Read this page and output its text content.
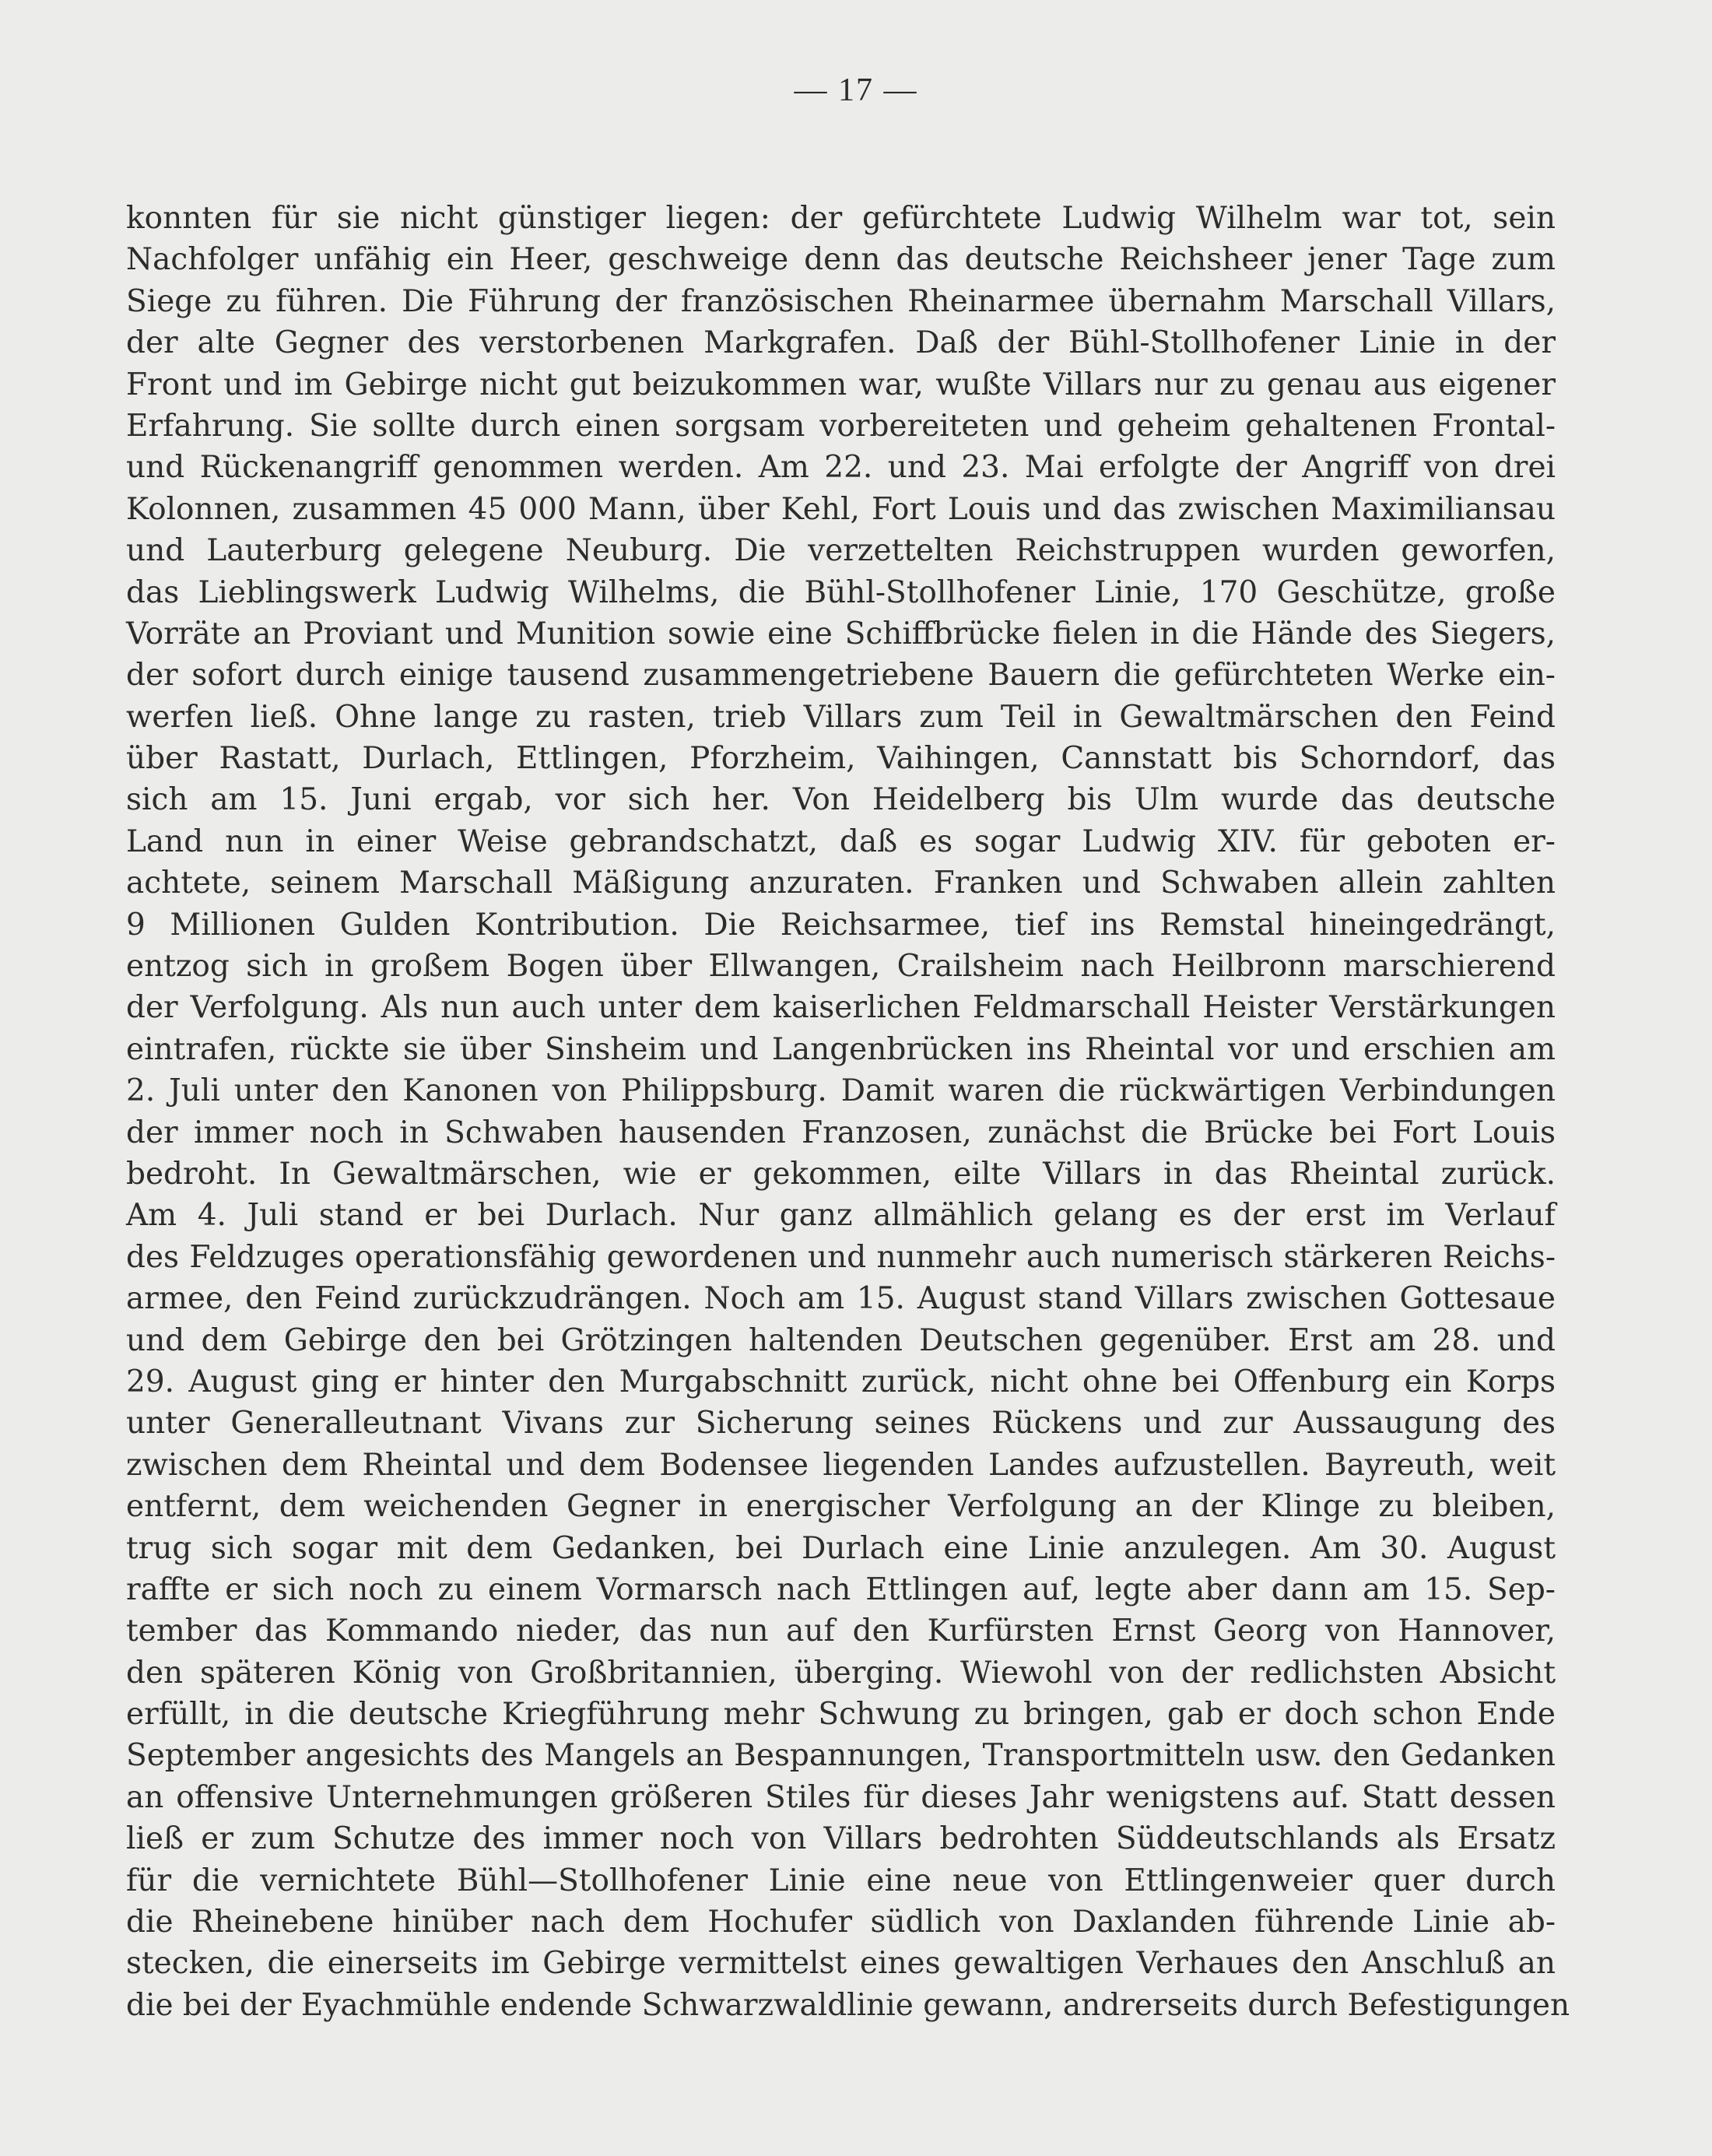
— 17 —
konnten für sie nicht günstiger liegen: der gefürchtete Ludwig Wilhelm war tot, sein
Nachfolger unfähig ein Heer, geschweige denn das deutsche Reichsheer jener Tage zum
Siege zu führen. Die Führung der französischen Rheinarmee übernahm Marschall Villars,
der alte Gegner des verstorbenen Markgrafen. Daß der Bühl-Stollhofener Linie in der
Front und im Gebirge nicht gut beizukommen war, wußte Villars nur zu genau aus eigener
Erfahrung. Sie sollte durch einen sorgsam vorbereiteten und geheim gehaltenen Frontal-
und Rückenangriff genommen werden. Am 22. und 23. Mai erfolgte der Angriff von drei
Kolonnen, zusammen 45 000 Mann, über Kehl, Fort Louis und das zwischen Maximiliansau
und Lauterburg gelegene Neuburg. Die verzettelten Reichstruppen wurden geworfen,
das Lieblingswerk Ludwig Wilhelms, die Bühl-Stollhofener Linie, 170 Geschütze, große
Vorräte an Proviant und Munition sowie eine Schiffbrücke fielen in die Hände des Siegers,
der sofort durch einige tausend zusammengetriebene Bauern die gefürchteten Werke ein-
werfen ließ. Ohne lange zu rasten, trieb Villars zum Teil in Gewaltmärschen den Feind
über Rastatt, Durlach, Ettlingen, Pforzheim, Vaihingen, Cannstatt bis Schorndorf, das
sich am 15. Juni ergab, vor sich her. Von Heidelberg bis Ulm wurde das deutsche
Land nun in einer Weise gebrandschatzt, daß es sogar Ludwig XIV. für geboten er-
achtete, seinem Marschall Mäßigung anzuraten. Franken und Schwaben allein zahlten
9 Millionen Gulden Kontribution. Die Reichsarmee, tief ins Remstal hineingedrängt,
entzog sich in großem Bogen über Ellwangen, Crailsheim nach Heilbronn marschierend
der Verfolgung. Als nun auch unter dem kaiserlichen Feldmarschall Heister Verstärkungen
eintrafen, rückte sie über Sinsheim und Langenbrücken ins Rheintal vor und erschien am
2. Juli unter den Kanonen von Philippsburg. Damit waren die rückwärtigen Verbindungen
der immer noch in Schwaben hausenden Franzosen, zunächst die Brücke bei Fort Louis
bedroht. In Gewaltmärschen, wie er gekommen, eilte Villars in das Rheintal zurück.
Am 4. Juli stand er bei Durlach. Nur ganz allmählich gelang es der erst im Verlauf
des Feldzuges operationsfähig gewordenen und nunmehr auch numerisch stärkeren Reichs-
armee, den Feind zurückzudrängen. Noch am 15. August stand Villars zwischen Gottesaue
und dem Gebirge den bei Grötzingen haltenden Deutschen gegenüber. Erst am 28. und
29. August ging er hinter den Murgabschnitt zurück, nicht ohne bei Offenburg ein Korps
unter Generalleutnant Vivans zur Sicherung seines Rückens und zur Aussaugung des
zwischen dem Rheintal und dem Bodensee liegenden Landes aufzustellen. Bayreuth, weit
entfernt, dem weichenden Gegner in energischer Verfolgung an der Klinge zu bleiben,
trug sich sogar mit dem Gedanken, bei Durlach eine Linie anzulegen. Am 30. August
raffte er sich noch zu einem Vormarsch nach Ettlingen auf, legte aber dann am 15. Sep-
tember das Kommando nieder, das nun auf den Kurfürsten Ernst Georg von Hannover,
den späteren König von Großbritannien, überging. Wiewohl von der redlichsten Absicht
erfüllt, in die deutsche Kriegführung mehr Schwung zu bringen, gab er doch schon Ende
September angesichts des Mangels an Bespannungen, Transportmitteln usw. den Gedanken
an offensive Unternehmungen größeren Stiles für dieses Jahr wenigstens auf. Statt dessen
ließ er zum Schutze des immer noch von Villars bedrohten Süddeutschlands als Ersatz
für die vernichtete Bühl—Stollhofener Linie eine neue von Ettlingenweier quer durch
die Rheinebene hinüber nach dem Hochufer südlich von Daxlanden führende Linie ab-
stecken, die einerseits im Gebirge vermittelst eines gewaltigen Verhaues den Anschluß an
die bei der Eyachmühle endende Schwarzwaldlinie gewann, andrerseits durch Befestigungen
